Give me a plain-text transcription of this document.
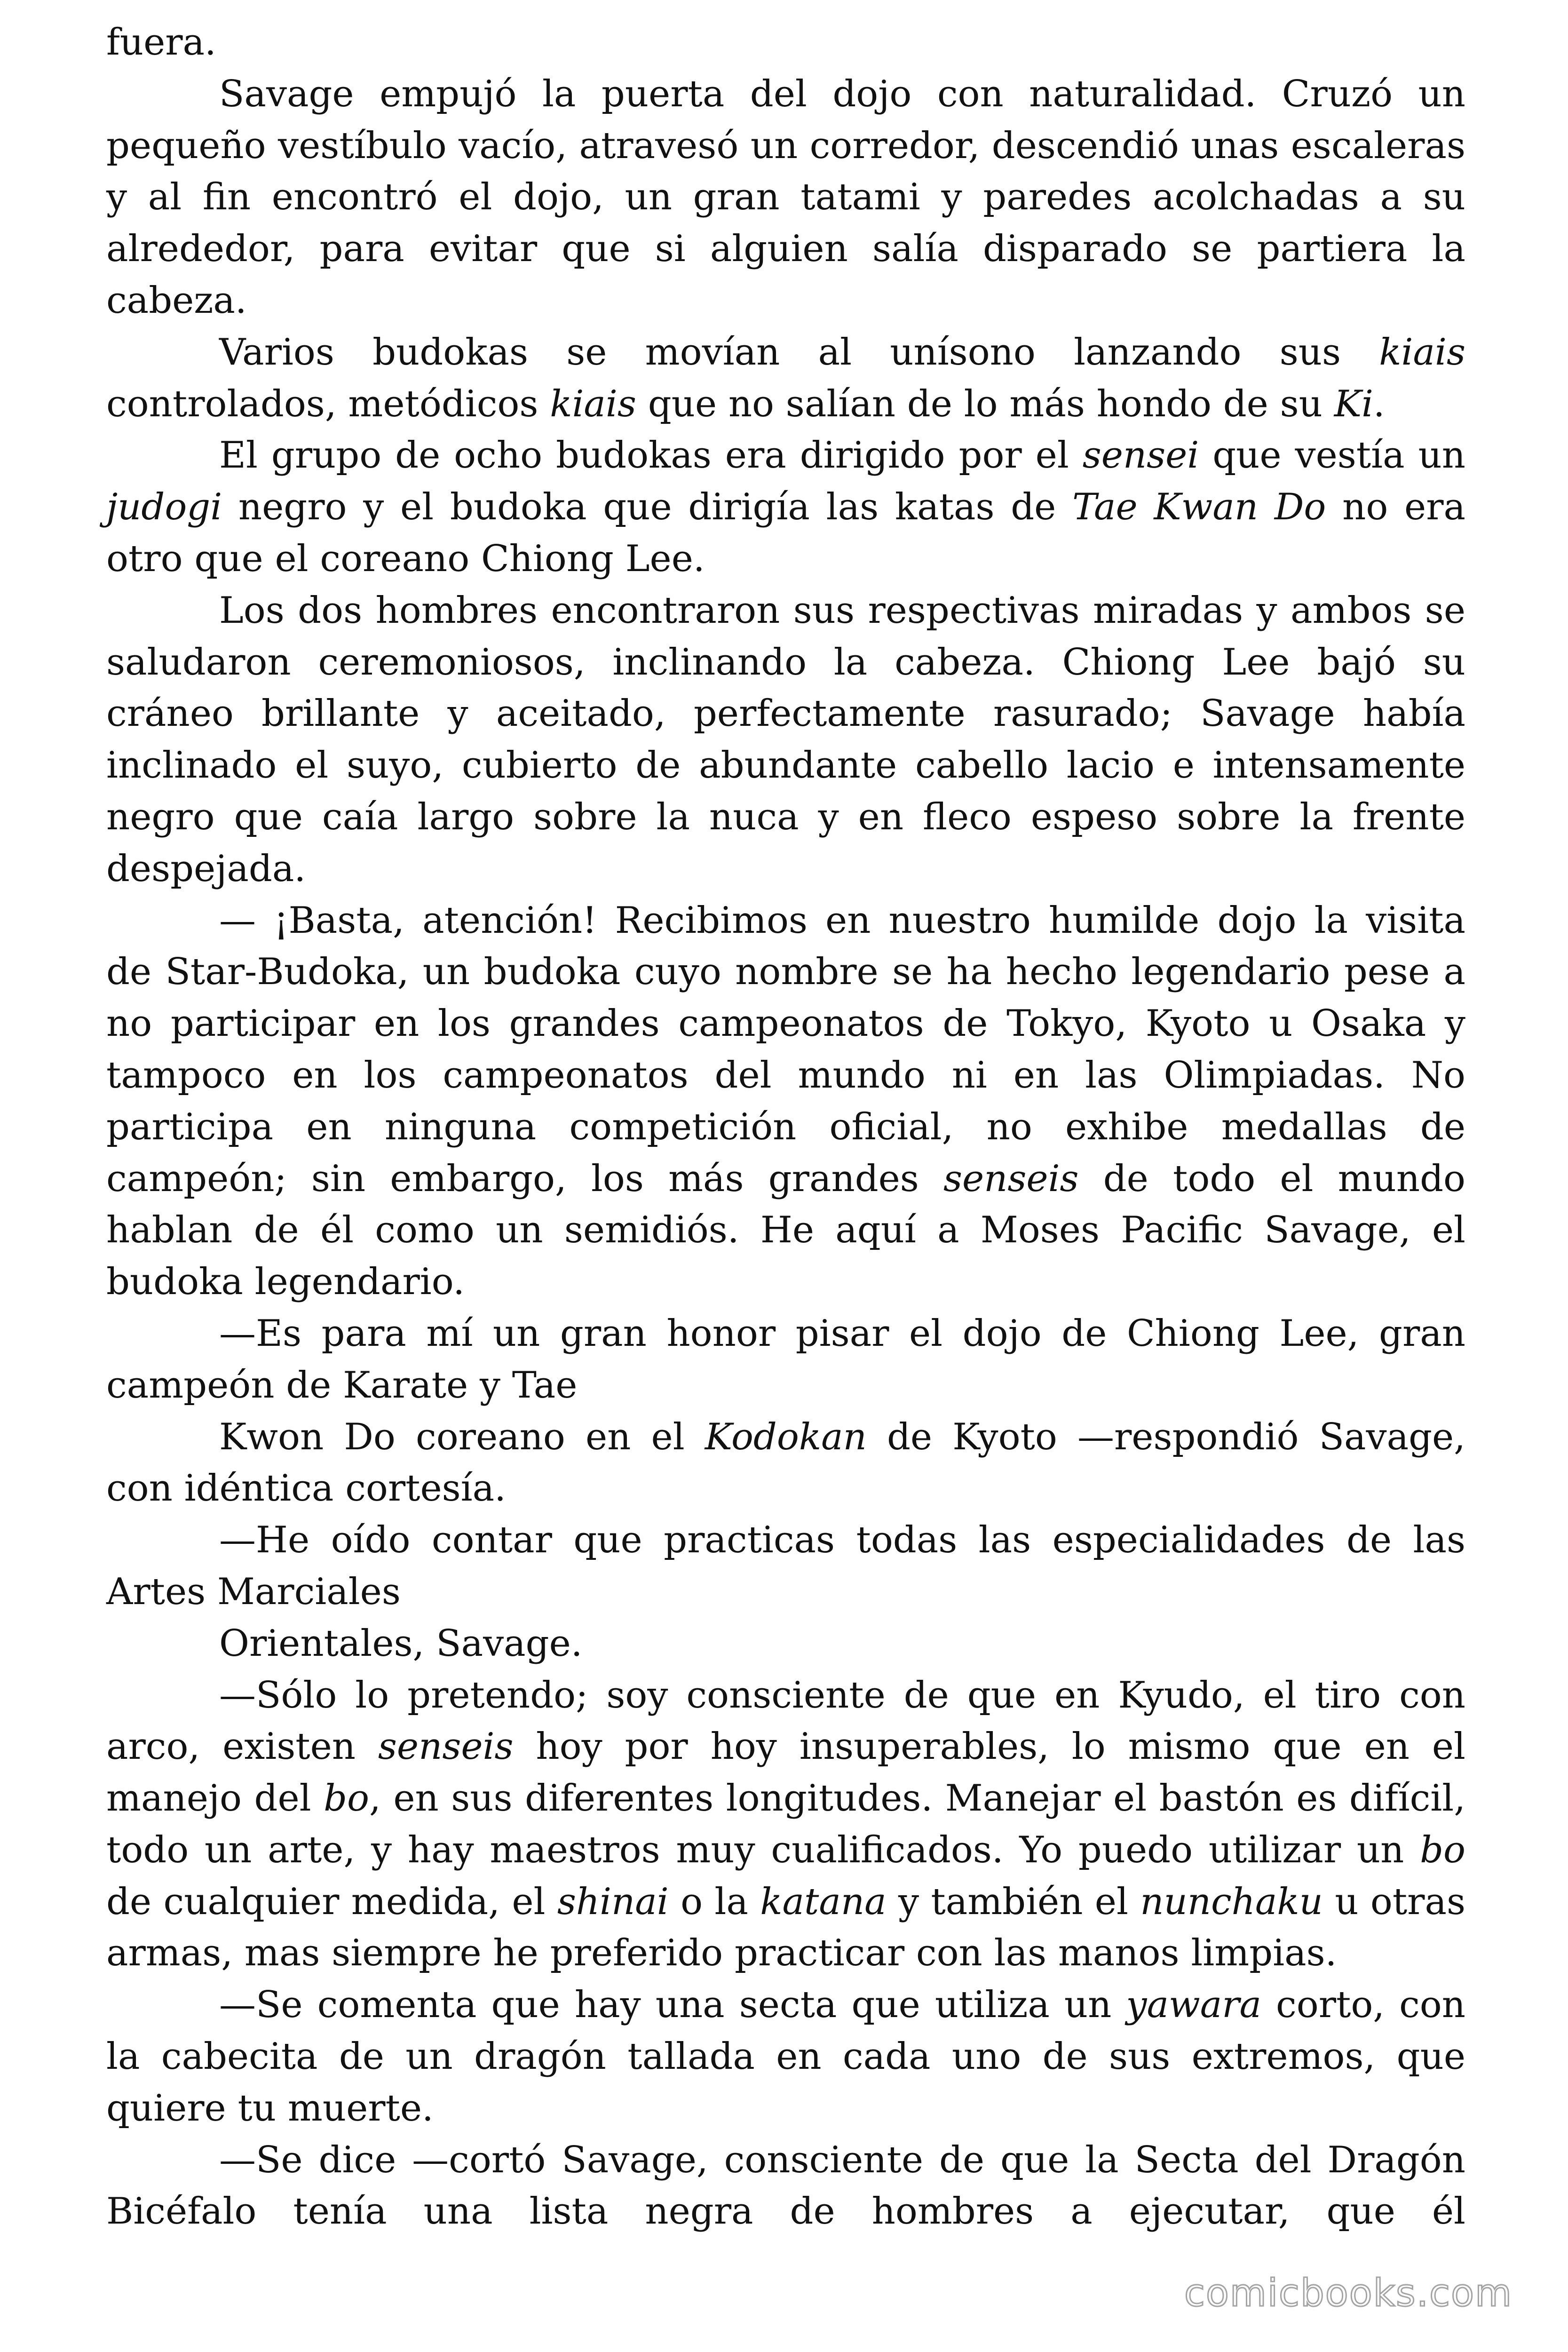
fuera.

Savage empujó la puerta del dojo con naturalidad. Cruzó un pequeño vestíbulo vacío, atravesó un corredor, descendió unas escaleras y al fin encontró el dojo, un gran tatami y paredes acolchadas a su alrededor, para evitar que si alguien salía disparado se partiera la cabeza.

Varios budokas se movían al unísono lanzando sus kiais controlados, metódicos kiais que no salían de lo más hondo de su Ki.

El grupo de ocho budokas era dirigido por el sensei que vestía un judogi negro y el budoka que dirigía las katas de Tae Kwan Do no era otro que el coreano Chiong Lee.

Los dos hombres encontraron sus respectivas miradas y ambos se saludaron ceremoniosos, inclinando la cabeza. Chiong Lee bajó su cráneo brillante y aceitado, perfectamente rasurado; Savage había inclinado el suyo, cubierto de abundante cabello lacio e intensamente negro que caía largo sobre la nuca y en fleco espeso sobre la frente despejada.

— ¡Basta, atención! Recibimos en nuestro humilde dojo la visita de Star-Budoka, un budoka cuyo nombre se ha hecho legendario pese a no participar en los grandes campeonatos de Tokyo, Kyoto u Osaka y tampoco en los campeonatos del mundo ni en las Olimpiadas. No participa en ninguna competición oficial, no exhibe medallas de campeón; sin embargo, los más grandes senseis de todo el mundo hablan de él como un semidiós. He aquí a Moses Pacific Savage, el budoka legendario.

—Es para mí un gran honor pisar el dojo de Chiong Lee, gran campeón de Karate y Tae

Kwon Do coreano en el Kodokan de Kyoto —respondió Savage, con idéntica cortesía.

—He oído contar que practicas todas las especialidades de las Artes Marciales

Orientales, Savage.

—Sólo lo pretendo; soy consciente de que en Kyudo, el tiro con arco, existen senseis hoy por hoy insuperables, lo mismo que en el manejo del bo, en sus diferentes longitudes. Manejar el bastón es difícil, todo un arte, y hay maestros muy cualificados. Yo puedo utilizar un bo de cualquier medida, el shinai o la katana y también el nunchaku u otras armas, mas siempre he preferido practicar con las manos limpias.

—Se comenta que hay una secta que utiliza un yawara corto, con la cabecita de un dragón tallada en cada uno de sus extremos, que quiere tu muerte.

—Se dice —cortó Savage, consciente de que la Secta del Dragón Bicéfalo tenía una lista negra de hombres a ejecutar, que él

comicbooks.com
